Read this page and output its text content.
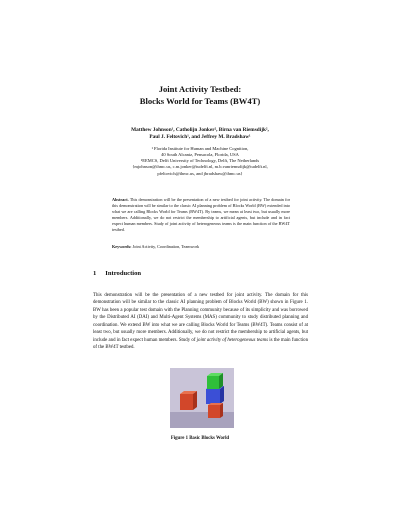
Joint Activity Testbed:
Blocks World for Teams (BW4T)
Matthew Johnson¹, Catholijn Jonker², Birna van Riemsdijk²,
Paul J. Feltovich¹, and Jeffrey M. Bradshaw¹
¹ Florida Institute for Human and Machine Cognition,
40 South Alcaniz, Pensacola, Florida, USA
²EEMCS, Delft University of Technology, Delft, The Netherlands
{mjohnson@ihmc.us, c.m.jonker@tudelft.nl, m.b.vanriemsdijk@tudelft.nl,
pfeltovich@ihmc.us, and jbradshaw@ihmc.us}
Abstract. This demonstration will be the presentation of a new testbed for joint activity. The domain for this demonstration will be similar to the classic AI planning problem of Blocks World (BW) extended into what we are calling Blocks World for Teams (BW4T). By teams, we mean at least two, but usually more members. Additionally, we do not restrict the membership to artificial agents, but include and in fact expect human members. Study of joint activity of heterogeneous teams is the main function of the BW4T testbed.
Keywords: Joint Activity, Coordination, Teamwork
1 Introduction
This demonstration will be the presentation of a new testbed for joint activity. The domain for this demonstration will be similar to the classic AI planning problem of Blocks World (BW) shown in Figure 1. BW has been a popular test domain with the Planning community because of its simplicity and was borrowed by the Distributed AI (DAI) and Multi-Agent Systems (MAS) community to study distributed planning and coordination. We extend BW into what we are calling Blocks World for Teams (BW4T). Teams consist of at least two, but usually more members. Additionally, we do not restrict the membership to artificial agents, but include and in fact expect human members. Study of joint activity of heterogeneous teams is the main function of the BW4T testbed.
Figure 1 Basic Blocks World
